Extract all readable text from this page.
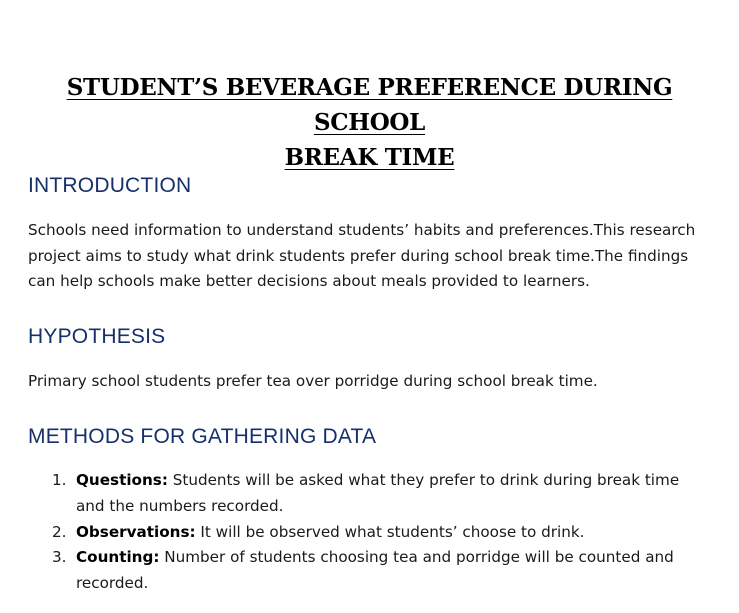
STUDENT’S BEVERAGE PREFERENCE DURING SCHOOL
BREAK TIME
INTRODUCTION

Schools need information to understand students’ habits and preferences.This research project aims to study what drink students prefer during school break time.The findings can help schools make better decisions about meals provided to learners.

HYPOTHESIS

Primary school students prefer tea over porridge during school break time.

METHODS FOR GATHERING DATA
1. Questions: Students will be asked what they prefer to drink during break time and the numbers recorded.
2. Observations: It will be observed what students’ choose to drink.
3. Counting: Number of students choosing tea and porridge will be counted and recorded.
